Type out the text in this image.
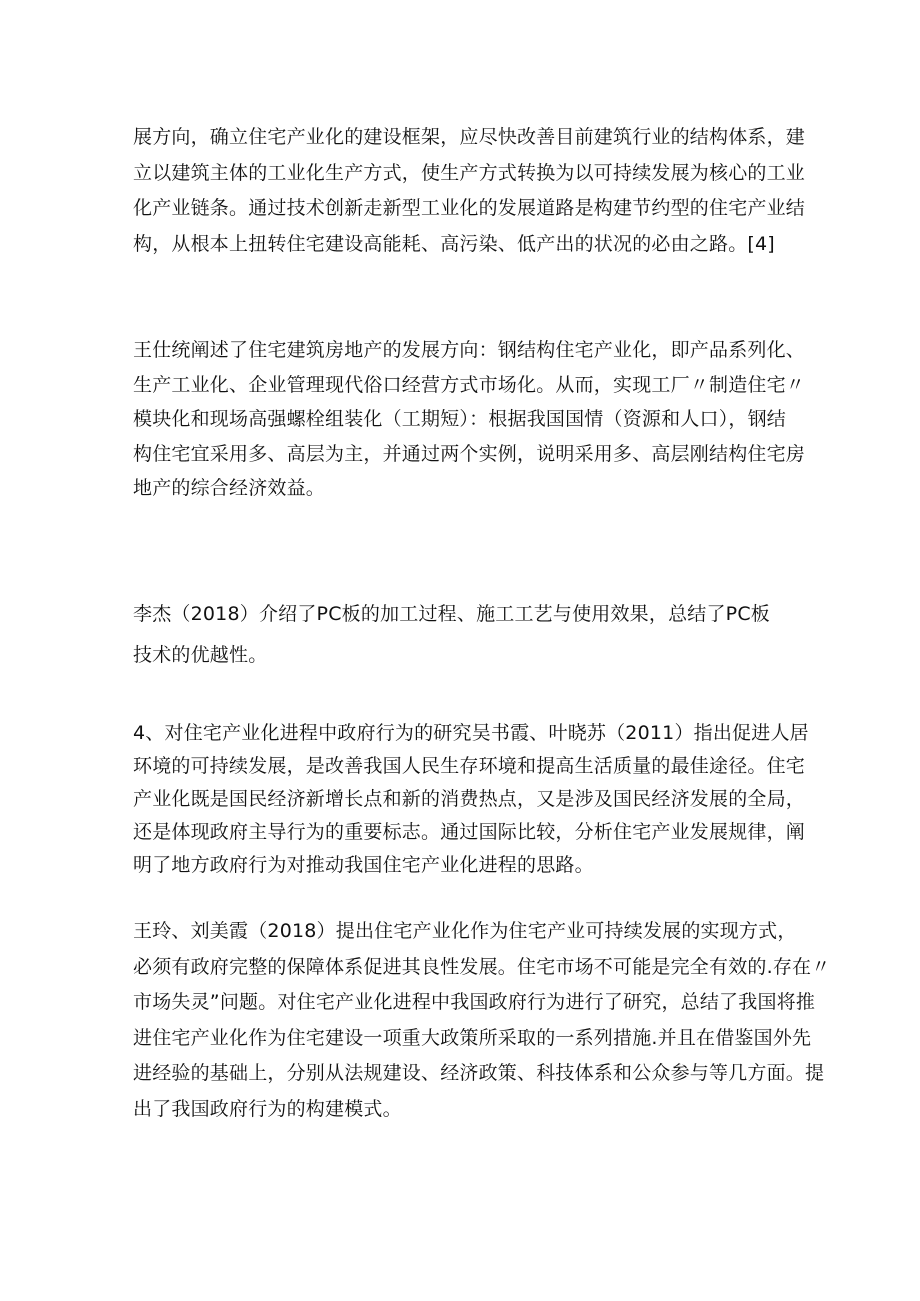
展方向，确立住宅产业化的建设框架，应尽快改善目前建筑行业的结构体系，建
立以建筑主体的工业化生产方式，使生产方式转换为以可持续发展为核心的工业
化产业链条。通过技术创新走新型工业化的发展道路是构建节约型的住宅产业结
构，从根本上扭转住宅建设高能耗、高污染、低产出的状况的必由之路。[4]
王仕统阐述了住宅建筑房地产的发展方向：钢结构住宅产业化，即产品系列化、
生产工业化、企业管理现代俗口经营方式市场化。从而，实现工厂〃制造住宅〃
模块化和现场高强螺栓组装化（工期短）：根据我国国情（资源和人口），钢结
构住宅宜采用多、高层为主，并通过两个实例，说明采用多、高层刚结构住宅房
地产的综合经济效益。
李杰（2018）介绍了PC板的加工过程、施工工艺与使用效果，总结了PC板
技术的优越性。
4、对住宅产业化进程中政府行为的研究吴书霞、叶晓苏（2011）指出促进人居
环境的可持续发展，是改善我国人民生存环境和提高生活质量的最佳途径。住宅
产业化既是国民经济新增长点和新的消费热点，又是涉及国民经济发展的全局，
还是体现政府主导行为的重要标志。通过国际比较，分析住宅产业发展规律，阐
明了地方政府行为对推动我国住宅产业化进程的思路。
王玲、刘美霞（2018）提出住宅产业化作为住宅产业可持续发展的实现方式，
必须有政府完整的保障体系促进其良性发展。住宅市场不可能是完全有效的.存在〃
市场失灵”问题。对住宅产业化进程中我国政府行为进行了研究，总结了我国将推
进住宅产业化作为住宅建设一项重大政策所采取的一系列措施.并且在借鉴国外先
进经验的基础上，分别从法规建设、经济政策、科技体系和公众参与等几方面。提
出了我国政府行为的构建模式。
